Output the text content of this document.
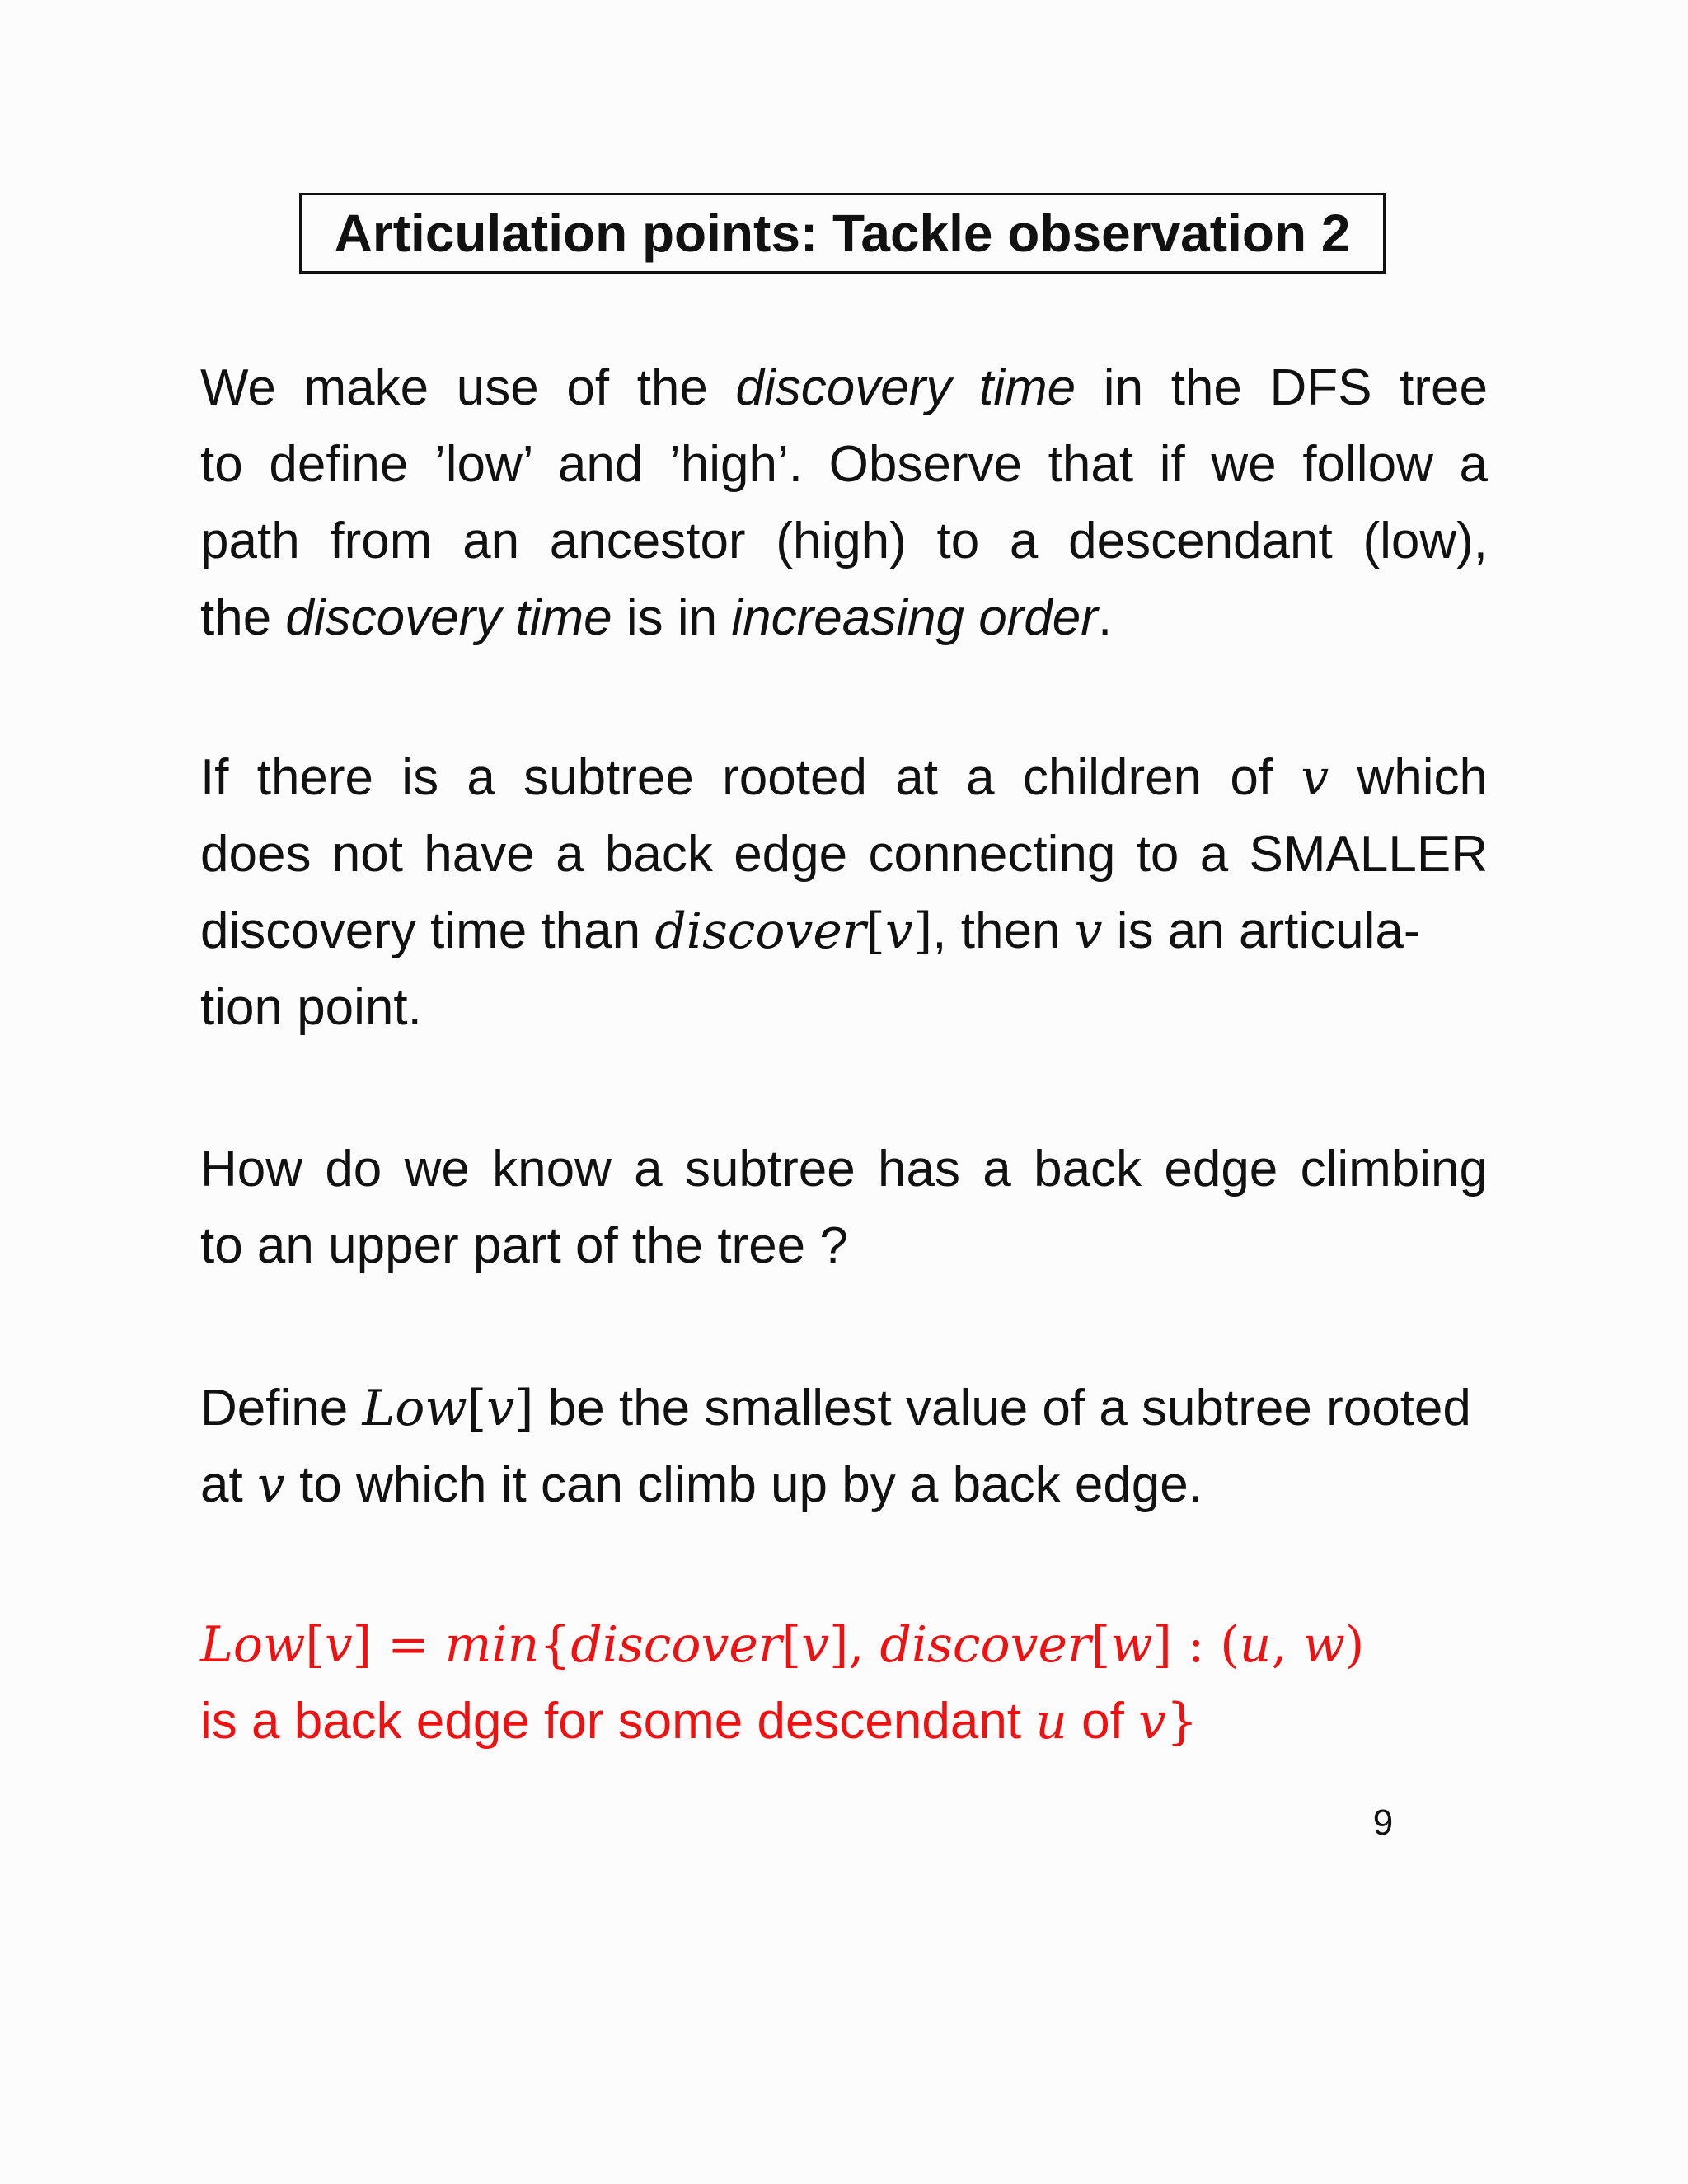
Articulation points: Tackle observation 2
We make use of the discovery time in the DFS tree
to define ’low’ and ’high’. Observe that if we follow a
path from an ancestor (high) to a descendant (low),
the discovery time is in increasing order.
If there is a subtree rooted at a children of v which
does not have a back edge connecting to a SMALLER
discovery time than discover[v], then v is an articula-
tion point.
How do we know a subtree has a back edge climbing
to an upper part of the tree ?
Define Low[v] be the smallest value of a subtree rooted
at v to which it can climb up by a back edge.
Low[v] = min{discover[v], discover[w] : (u, w)
is a back edge for some descendant u of v}
9
